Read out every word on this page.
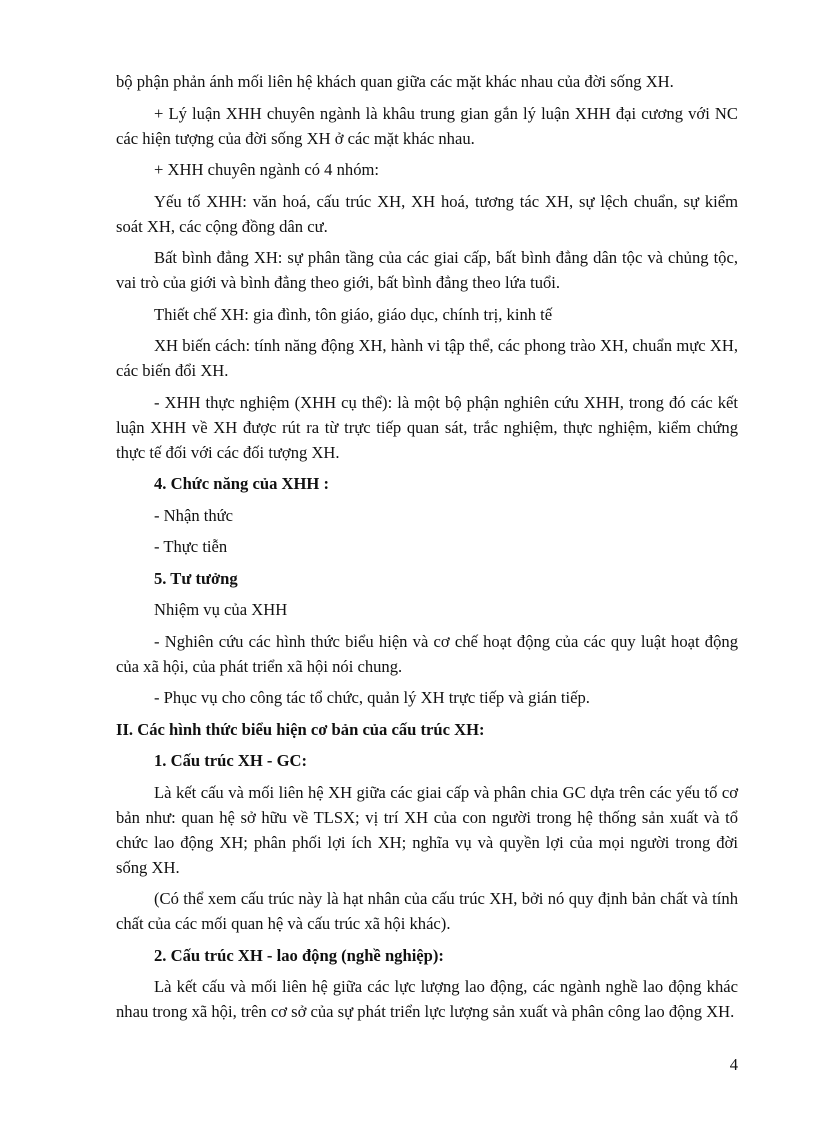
bộ phận phản ánh mối liên hệ khách quan giữa các mặt khác nhau của đời sống XH.

+ Lý luận XHH chuyên ngành là khâu trung gian gắn lý luận XHH đại cương với NC các hiện tượng của đời sống XH ở các mặt khác nhau.

+ XHH chuyên ngành có 4 nhóm:

Yếu tố XHH: văn hoá, cấu trúc XH, XH hoá, tương tác XH, sự lệch chuẩn, sự kiểm soát XH, các cộng đồng dân cư.

Bất bình đẳng XH: sự phân tầng của các giai cấp, bất bình đẳng dân tộc và chủng tộc, vai trò của giới và bình đẳng theo giới, bất bình đẳng theo lứa tuổi.

Thiết chế XH: gia đình, tôn giáo, giáo dục, chính trị, kinh tế

XH biến cách: tính năng động XH, hành vi tập thể, các phong trào XH, chuẩn mực XH, các biến đổi XH.

- XHH thực nghiệm (XHH cụ thể): là một bộ phận nghiên cứu XHH, trong đó các kết luận XHH về XH được rút ra từ trực tiếp quan sát, trắc nghiệm, thực nghiệm, kiểm chứng thực tế đối với các đối tượng XH.

4. Chức năng của XHH :

- Nhận thức

- Thực tiễn

5. Tư tưởng

Nhiệm vụ của XHH

- Nghiên cứu các hình thức biểu hiện và cơ chế hoạt động của các quy luật hoạt động của xã hội, của phát triển xã hội nói chung.

- Phục vụ cho công tác tổ chức, quản lý XH trực tiếp và gián tiếp.

II. Các hình thức biểu hiện cơ bản của cấu trúc XH:

1. Cấu trúc XH - GC:

Là kết cấu và mối liên hệ XH giữa các giai cấp và phân chia GC dựa trên các yếu tố cơ bản như: quan hệ sở hữu về TLSX; vị trí XH của con người trong hệ thống sản xuất và tổ chức lao động XH; phân phối lợi ích XH; nghĩa vụ và quyền lợi của mọi người trong đời sống XH.

(Có thể xem cấu trúc này là hạt nhân của cấu trúc XH, bởi nó quy định bản chất và tính chất của các mối quan hệ và cấu trúc xã hội khác).

2. Cấu trúc XH - lao động (nghề nghiệp):

Là kết cấu và mối liên hệ giữa các lực lượng lao động, các ngành nghề lao động khác nhau trong xã hội, trên cơ sở của sự phát triển lực lượng sản xuất và phân công lao động XH.

4
